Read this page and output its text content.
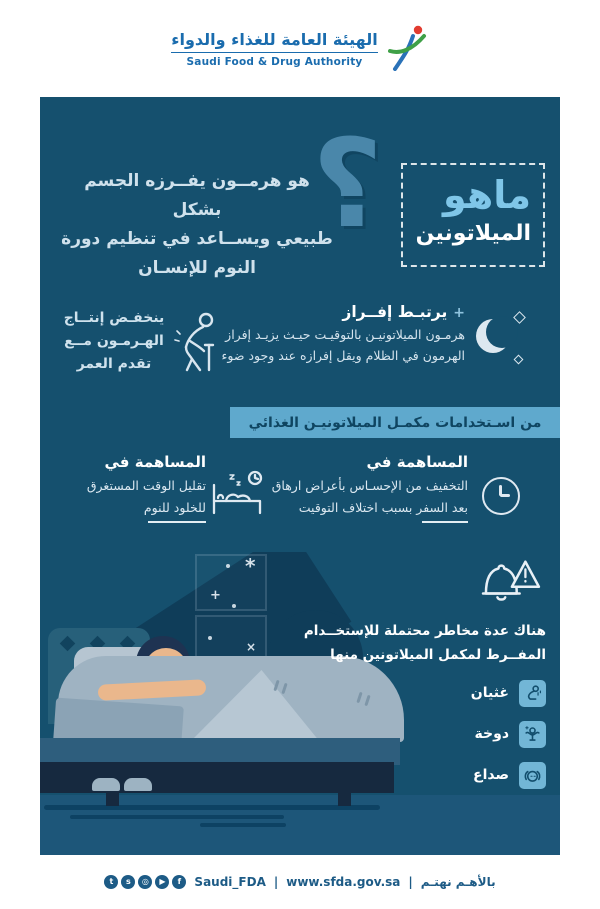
الهيئة العامة للغذاء والدواء
Saudi Food & Drug Authority
؟	ماهو
الميلاتونين
هو هرمــون يفــرزه الجسم بشكل
طبيعي ويســاعد في تنظيم دورة
النوم للإنسـان
+يرتبـط إفــراز
هرمـون الميلاتونيـن بالتوقيـت حيـث يزيـد إفراز
الهرمون في الظلام ويقل إفرازه عند وجود ضوء
ينخفـض إنتــاج
الهـرمـون مــع
تقدم العمر
من اسـتخدامات مكمـل الميلاتونيـن الغذائي
المساهمة في
التخفيف من الإحسـاس بأعراض ارهاق
بعد السفر بسبب اختلاف التوقيت
المساهمة في
تقليل الوقت المستغرق
للخلود للنوم
*
+
×
هناك عدة مخاطر محتملة للإستخــدام
المفــرط لمكمل الميلاتونين منها
غثيان
دوخة
صداع
t	s	◎	▶	f	Saudi_FDA | www.sfda.gov.sa | بالأهـم نهتـم
